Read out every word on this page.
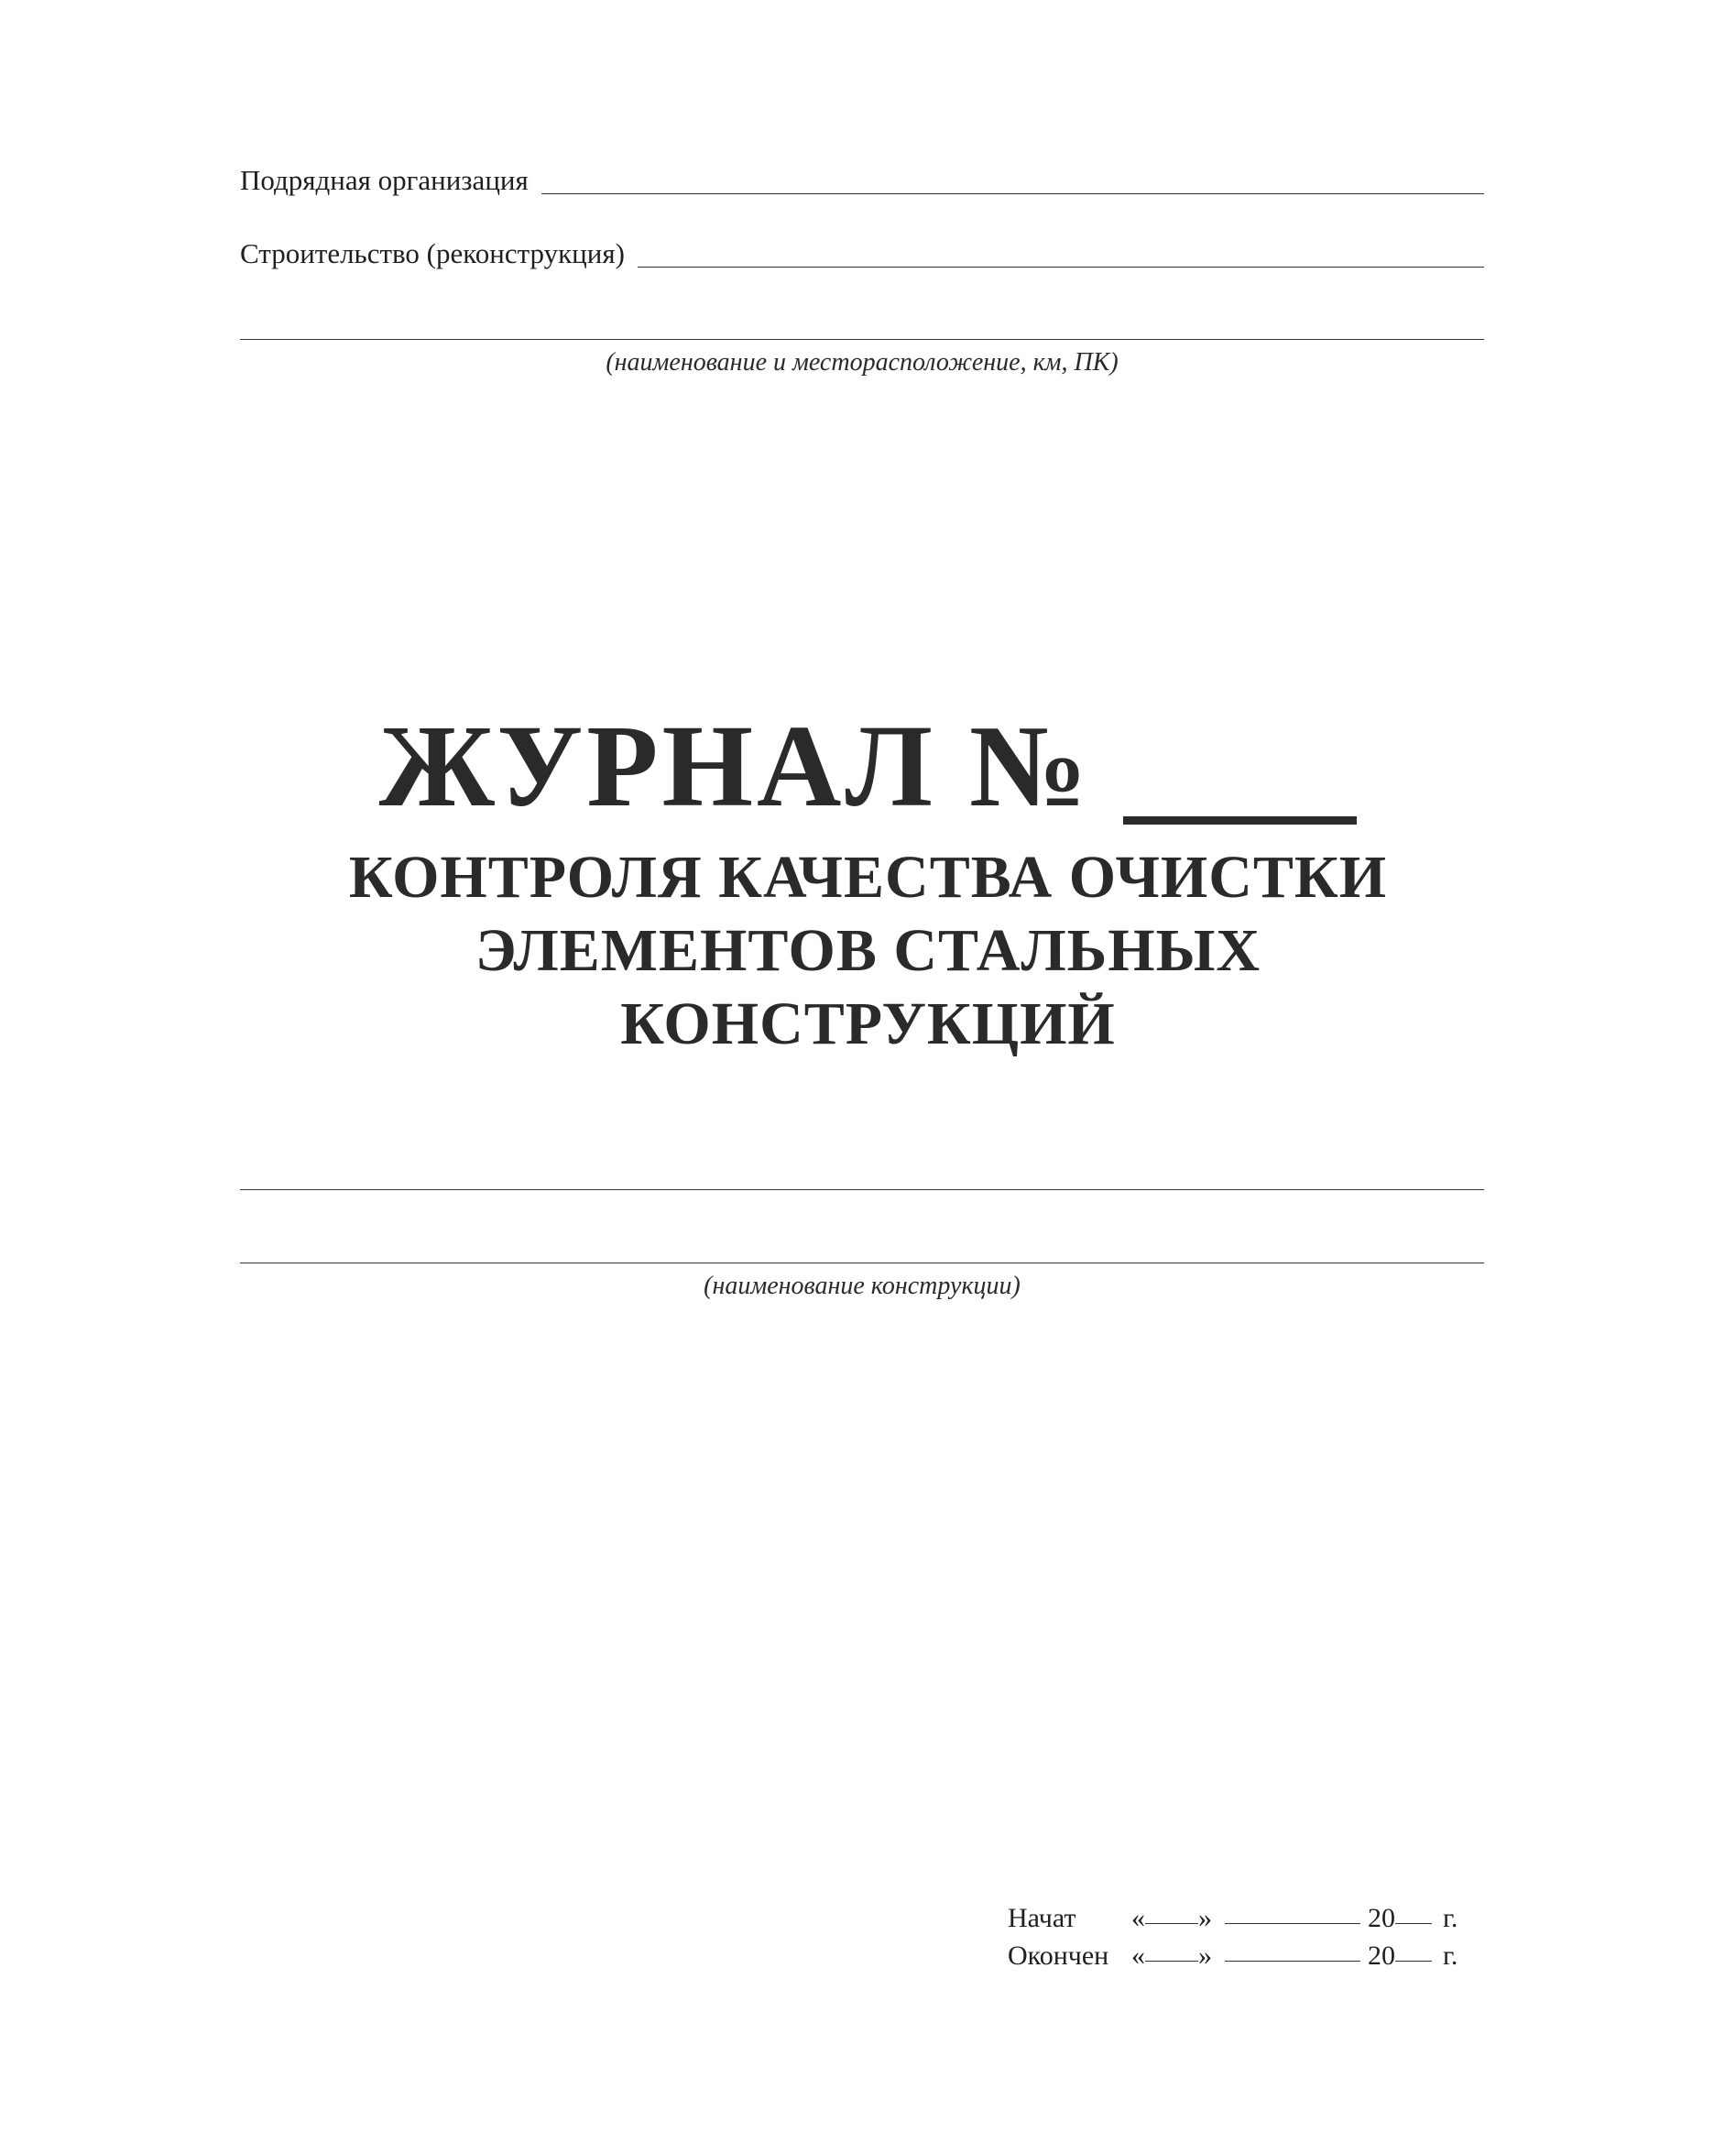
Подрядная организация
Строительство (реконструкция)
(наименование и месторасположение, км, ПК)
ЖУРНАЛ №
КОНТРОЛЯ КАЧЕСТВА ОЧИСТКИ
ЭЛЕМЕНТОВ СТАЛЬНЫХ
КОНСТРУКЦИЙ
(наименование конструкции)
Начат	« »	20 г.
Окончен « »	20 г.
